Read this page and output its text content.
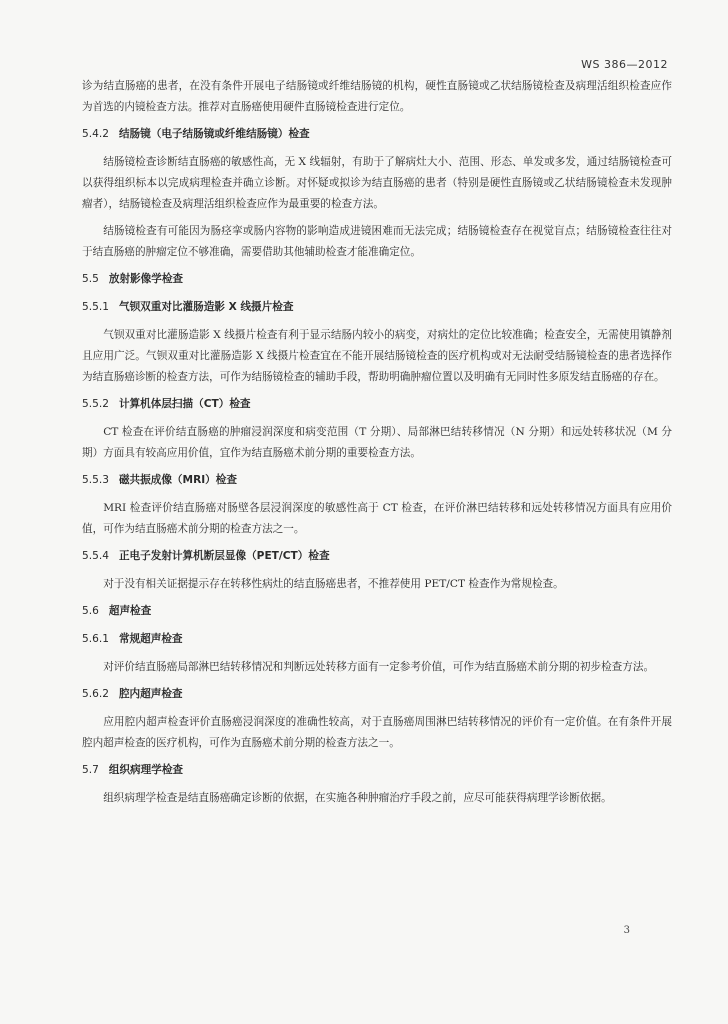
WS 386—2012

诊为结直肠癌的患者，在没有条件开展电子结肠镜或纤维结肠镜的机构，硬性直肠镜或乙状结肠镜检查及病理活组织检查应作为首选的内镜检查方法。推荐对直肠癌使用硬件直肠镜检查进行定位。

5.4.2 结肠镜（电子结肠镜或纤维结肠镜）检查

结肠镜检查诊断结直肠癌的敏感性高，无 X 线辐射，有助于了解病灶大小、范围、形态、单发或多发，通过结肠镜检查可以获得组织标本以完成病理检查并确立诊断。对怀疑或拟诊为结直肠癌的患者（特别是硬性直肠镜或乙状结肠镜检查未发现肿瘤者），结肠镜检查及病理活组织检查应作为最重要的检查方法。

结肠镜检查有可能因为肠痉挛或肠内容物的影响造成进镜困难而无法完成；结肠镜检查存在视觉盲点；结肠镜检查往往对于结直肠癌的肿瘤定位不够准确，需要借助其他辅助检查才能准确定位。

5.5 放射影像学检查
5.5.1 气钡双重对比灌肠造影 X 线摄片检查

气钡双重对比灌肠造影 X 线摄片检查有利于显示结肠内较小的病变，对病灶的定位比较准确；检查安全，无需使用镇静剂且应用广泛。气钡双重对比灌肠造影 X 线摄片检查宜在不能开展结肠镜检查的医疗机构或对无法耐受结肠镜检查的患者选择作为结直肠癌诊断的检查方法，可作为结肠镜检查的辅助手段，帮助明确肿瘤位置以及明确有无同时性多原发结直肠癌的存在。

5.5.2 计算机体层扫描（CT）检查

CT 检查在评价结直肠癌的肿瘤浸润深度和病变范围（T 分期）、局部淋巴结转移情况（N 分期）和远处转移状况（M 分期）方面具有较高应用价值，宜作为结直肠癌术前分期的重要检查方法。

5.5.3 磁共振成像（MRI）检查

MRI 检查评价结直肠癌对肠壁各层浸润深度的敏感性高于 CT 检查，在评价淋巴结转移和远处转移情况方面具有应用价值，可作为结直肠癌术前分期的检查方法之一。

5.5.4 正电子发射计算机断层显像（PET/CT）检查

对于没有相关证据提示存在转移性病灶的结直肠癌患者，不推荐使用 PET/CT 检查作为常规检查。

5.6 超声检查
5.6.1 常规超声检查

对评价结直肠癌局部淋巴结转移情况和判断远处转移方面有一定参考价值，可作为结直肠癌术前分期的初步检查方法。

5.6.2 腔内超声检查

应用腔内超声检查评价直肠癌浸润深度的准确性较高，对于直肠癌周围淋巴结转移情况的评价有一定价值。在有条件开展腔内超声检查的医疗机构，可作为直肠癌术前分期的检查方法之一。

5.7 组织病理学检查

组织病理学检查是结直肠癌确定诊断的依据，在实施各种肿瘤治疗手段之前，应尽可能获得病理学诊断依据。

3
